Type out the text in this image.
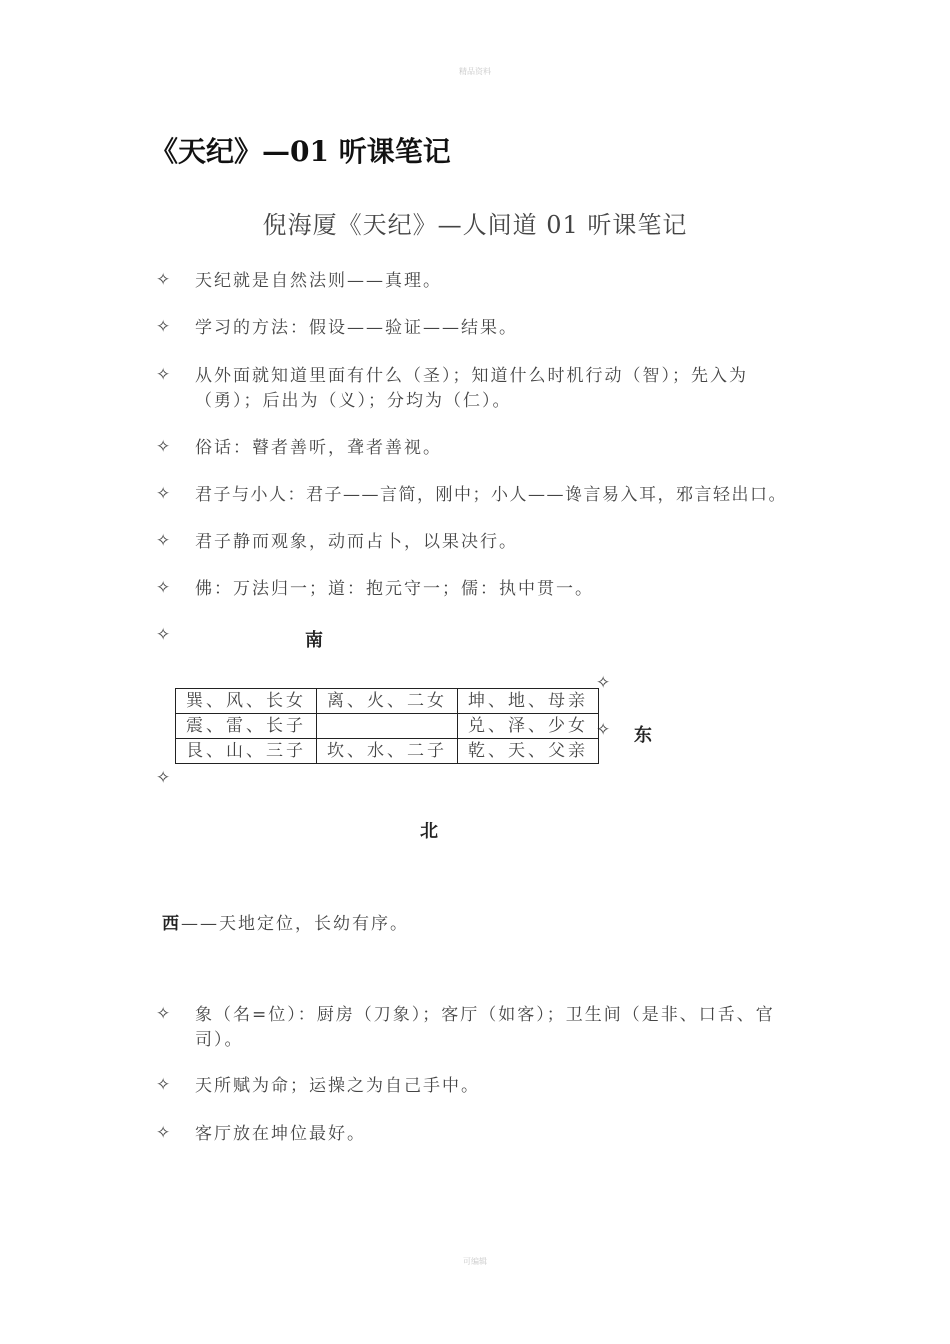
精品资料
《天纪》—01 听课笔记
倪海厦《天纪》—人间道 01 听课笔记
✧ 天纪就是自然法则——真理。

✧ 学习的方法：假设——验证——结果。

✧ 从外面就知道里面有什么（圣）；知道什么时机行动（智）；先入为（勇）；后出为（义）；分均为（仁）。

✧ 俗话：瞽者善听，聋者善视。

✧ 君子与小人：君子——言简，刚中；小人——谗言易入耳，邪言轻出口。

✧ 君子静而观象，动而占卜，以果决行。

✧ 佛：万法归一；道：抱元守一；儒：执中贯一。

✧	南
✧
✧ 东
巽、风、长女	离、火、二女	坤、地、母亲
震、雷、长子		兑、泽、少女
艮、山、三子	坎、水、二子	乾、天、父亲
✧
北

西——天地定位，长幼有序。

✧ 象（名=位）：厨房（刀象）；客厅（如客）；卫生间（是非、口舌、官司）。

✧ 天所赋为命；运操之为自己手中。

✧ 客厅放在坤位最好。

可编辑
